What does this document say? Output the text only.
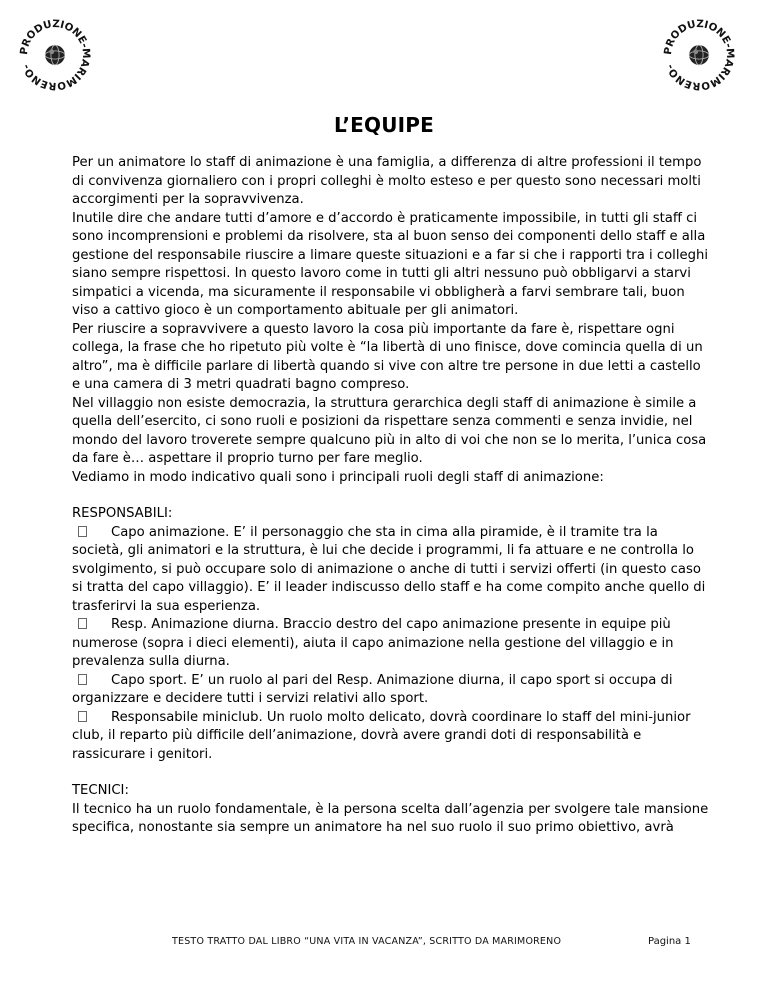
PRODUZIONE-MARIMORENO-
PRODUZIONE-MARIMORENO-
L’EQUIPE

Per un animatore lo staff di animazione è una famiglia, a differenza di altre professioni il tempo di convivenza giornaliero con i propri colleghi è molto esteso e per questo sono necessari molti accorgimenti per la sopravvivenza.

Inutile dire che andare tutti d’amore e d’accordo è praticamente impossibile, in tutti gli staff ci sono incomprensioni e problemi da risolvere, sta al buon senso dei componenti dello staff e alla gestione del responsabile riuscire a limare queste situazioni e a far si che i rapporti tra i colleghi siano sempre rispettosi. In questo lavoro come in tutti gli altri nessuno può obbligarvi a starvi simpatici a vicenda, ma sicuramente il responsabile vi obbligherà a farvi sembrare tali, buon viso a cattivo gioco è un comportamento abituale per gli animatori.

Per riuscire a sopravvivere a questo lavoro la cosa più importante da fare è, rispettare ogni collega, la frase che ho ripetuto più volte è “la libertà di uno finisce, dove comincia quella di un altro”, ma è difficile parlare di libertà quando si vive con altre tre persone in due letti a castello e una camera di 3 metri quadrati bagno compreso.

Nel villaggio non esiste democrazia, la struttura gerarchica degli staff di animazione è simile a quella dell’esercito, ci sono ruoli e posizioni da rispettare senza commenti e senza invidie, nel mondo del lavoro troverete sempre qualcuno più in alto di voi che non se lo merita, l’unica cosa da fare è… aspettare il proprio turno per fare meglio.

Vediamo in modo indicativo quali sono i principali ruoli degli staff di animazione:

RESPONSABILI:

Capo animazione. E’ il personaggio che sta in cima alla piramide, è il tramite tra la società, gli animatori e la struttura, è lui che decide i programmi, li fa attuare e ne controlla lo svolgimento, si può occupare solo di animazione o anche di tutti i servizi offerti (in questo caso si tratta del capo villaggio). E’ il leader indiscusso dello staff e ha come compito anche quello di trasferirvi la sua esperienza.

Resp. Animazione diurna. Braccio destro del capo animazione presente in equipe più numerose (sopra i dieci elementi), aiuta il capo animazione nella gestione del villaggio e in prevalenza sulla diurna.

Capo sport. E’ un ruolo al pari del Resp. Animazione diurna, il capo sport si occupa di organizzare e decidere tutti i servizi relativi allo sport.

Responsabile miniclub. Un ruolo molto delicato, dovrà coordinare lo staff del mini-junior club, il reparto più difficile dell’animazione, dovrà avere grandi doti di responsabilità e rassicurare i genitori.

TECNICI:

Il tecnico ha un ruolo fondamentale, è la persona scelta dall’agenzia per svolgere tale mansione specifica, nonostante sia sempre un animatore ha nel suo ruolo il suo primo obiettivo, avrà

TESTO TRATTO DAL LIBRO “UNA VITA IN VACANZA”, SCRITTO DA MARIMORENO	Pagina 1
